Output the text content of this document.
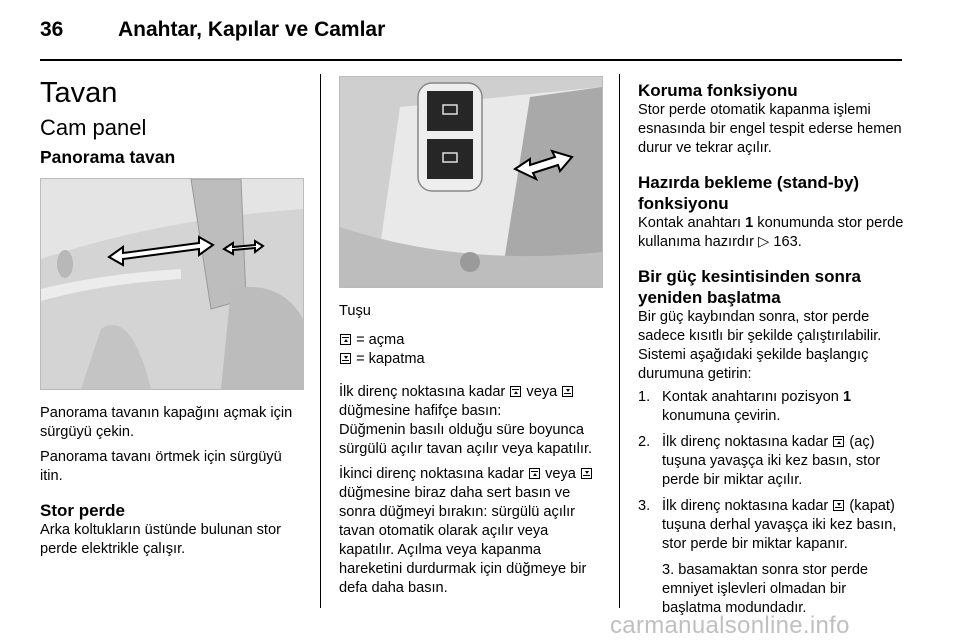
36	Anahtar, Kapılar ve Camlar
Tavan
Cam panel
Panorama tavan

Panorama tavanın kapağını açmak için sürgüyü çekin.

Panorama tavanı örtmek için sürgüyü itin.

Stor perde

Arka koltukların üstünde bulunan stor perde elektrikle çalışır.

Tuşu

= açma

= kapatma

İlk direnç noktasına kadar veya  düğmesine hafifçe basın:

Düğmenin basılı olduğu süre boyunca sürgülü açılır tavan açılır veya kapatılır.

İkinci direnç noktasına kadar veya  düğmesine biraz daha sert basın ve sonra düğmeyi bırakın: sürgülü açılır tavan otomatik olarak açılır veya kapatılır. Açılma veya kapanma hareketini durdurmak için düğmeye bir defa daha basın.

Koruma fonksiyonu

Stor perde otomatik kapanma işlemi esnasında bir engel tespit ederse hemen durur ve tekrar açılır.

Hazırda bekleme (stand-by) fonksiyonu

Kontak anahtarı 1 konumunda stor perde kullanıma hazırdır ▷ 163.

Bir güç kesintisinden sonra yeniden başlatma

Bir güç kaybından sonra, stor perde sadece kısıtlı bir şekilde çalıştırılabilir. Sistemi aşağıdaki şekilde başlangıç durumuna getirin:

1. Kontak anahtarını pozisyon 1 konumuna çevirin.
2. İlk direnç noktasına kadar (aç) tuşuna yavaşça iki kez basın, stor perde bir miktar açılır.
3. İlk direnç noktasına kadar (kapat) tuşuna derhal yavaşça iki kez basın, stor perde bir miktar kapanır.
3. basamaktan sonra stor perde emniyet işlevleri olmadan bir başlatma modundadır.
carmanualsonline.info
